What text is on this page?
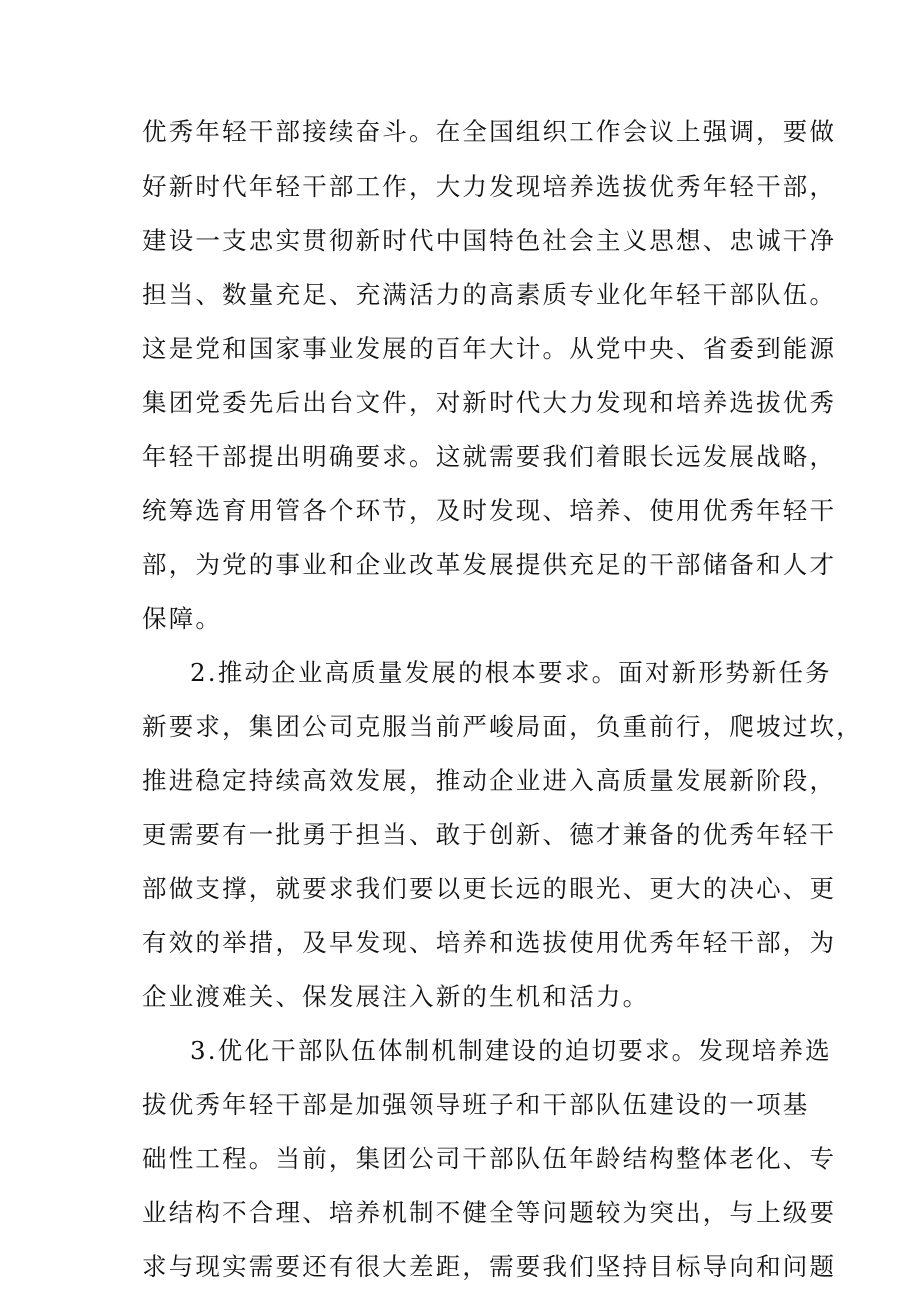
优秀年轻干部接续奋斗。在全国组织工作会议上强调，要做
好新时代年轻干部工作，大力发现培养选拔优秀年轻干部，
建设一支忠实贯彻新时代中国特色社会主义思想、忠诚干净
担当、数量充足、充满活力的高素质专业化年轻干部队伍。
这是党和国家事业发展的百年大计。从党中央、省委到能源
集团党委先后出台文件，对新时代大力发现和培养选拔优秀
年轻干部提出明确要求。这就需要我们着眼长远发展战略，
统筹选育用管各个环节，及时发现、培养、使用优秀年轻干
部，为党的事业和企业改革发展提供充足的干部储备和人才
保障。
2.推动企业高质量发展的根本要求。面对新形势新任务
新要求，集团公司克服当前严峻局面，负重前行，爬坡过坎，
推进稳定持续高效发展，推动企业进入高质量发展新阶段，
更需要有一批勇于担当、敢于创新、德才兼备的优秀年轻干
部做支撑，就要求我们要以更长远的眼光、更大的决心、更
有效的举措，及早发现、培养和选拔使用优秀年轻干部，为
企业渡难关、保发展注入新的生机和活力。
3.优化干部队伍体制机制建设的迫切要求。发现培养选
拔优秀年轻干部是加强领导班子和干部队伍建设的一项基
础性工程。当前，集团公司干部队伍年龄结构整体老化、专
业结构不合理、培养机制不健全等问题较为突出，与上级要
求与现实需要还有很大差距，需要我们坚持目标导向和问题
